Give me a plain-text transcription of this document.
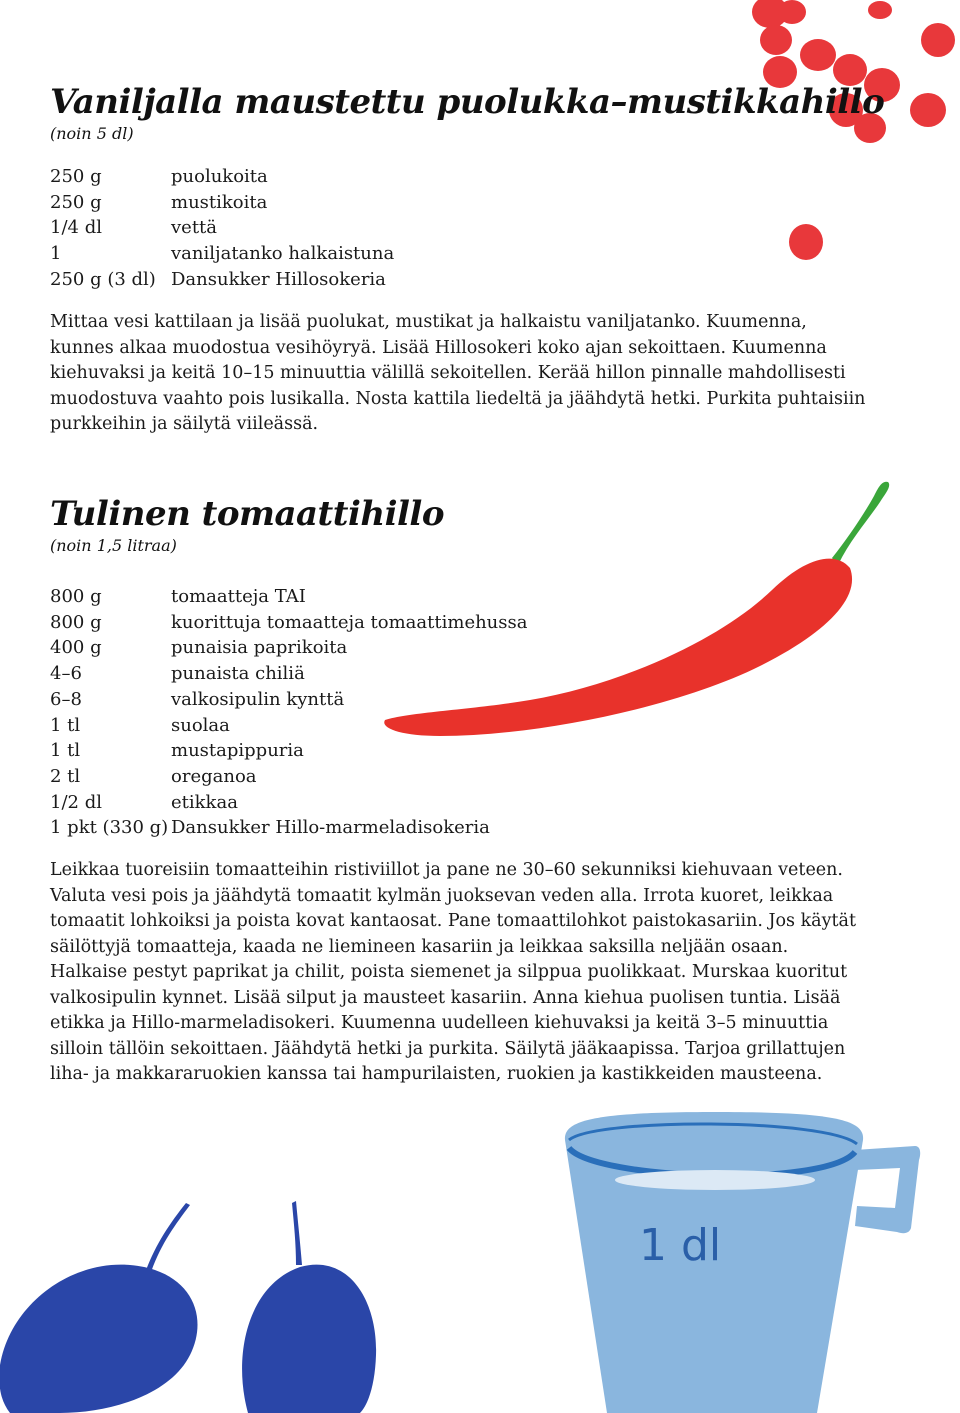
1 dl
Vaniljalla maustettu puolukka–mustikkahillo

(noin 5 dl)

250 g	puolukoita
250 g	mustikoita
1/4 dl	vettä
1	vaniljatanko halkaistuna
250 g (3 dl)	Dansukker Hillosokeria

Mittaa vesi kattilaan ja lisää puolukat, mustikat ja halkaistu vaniljatanko. Kuumenna, kunnes alkaa muodostua vesihöyryä. Lisää Hillosokeri koko ajan sekoittaen. Kuumenna kiehuvaksi ja keitä 10–15 minuuttia välillä sekoitellen. Kerää hillon pinnalle mahdollisesti muodostuva vaahto pois lusikalla. Nosta kattila liedeltä ja jäähdytä hetki. Purkita puhtaisiin purkkeihin ja säilytä viileässä.

Tulinen tomaattihillo

(noin 1,5 litraa)

800 g	tomaatteja TAI
800 g	kuorittuja tomaatteja tomaattimehussa
400 g	punaisia paprikoita
4–6	punaista chiliä
6–8	valkosipulin kynttä
1 tl	suolaa
1 tl	mustapippuria
2 tl	oreganoa
1/2 dl	etikkaa
1 pkt (330 g)	Dansukker Hillo-marmeladisokeria

Leikkaa tuoreisiin tomaatteihin ristiviillot ja pane ne 30–60 sekunniksi kiehuvaan veteen. Valuta vesi pois ja jäähdytä tomaatit kylmän juoksevan veden alla. Irrota kuoret, leikkaa tomaatit lohkoiksi ja poista kovat kantaosat. Pane tomaattilohkot paistokasariin. Jos käytät säilöttyjä tomaatteja, kaada ne liemineen kasariin ja leikkaa saksilla neljään osaan. Halkaise pestyt paprikat ja chilit, poista siemenet ja silppua puolikkaat. Murskaa kuoritut valkosipulin kynnet. Lisää silput ja mausteet kasariin. Anna kiehua puolisen tuntia. Lisää etikka ja Hillo-marmeladisokeri. Kuumenna uudelleen kiehuvaksi ja keitä 3–5 minuuttia silloin tällöin sekoittaen. Jäähdytä hetki ja purkita. Säilytä jääkaapissa. Tarjoa grillattujen liha- ja makkararuokien kanssa tai hampurilaisten, ruokien ja kastikkeiden mausteena.
